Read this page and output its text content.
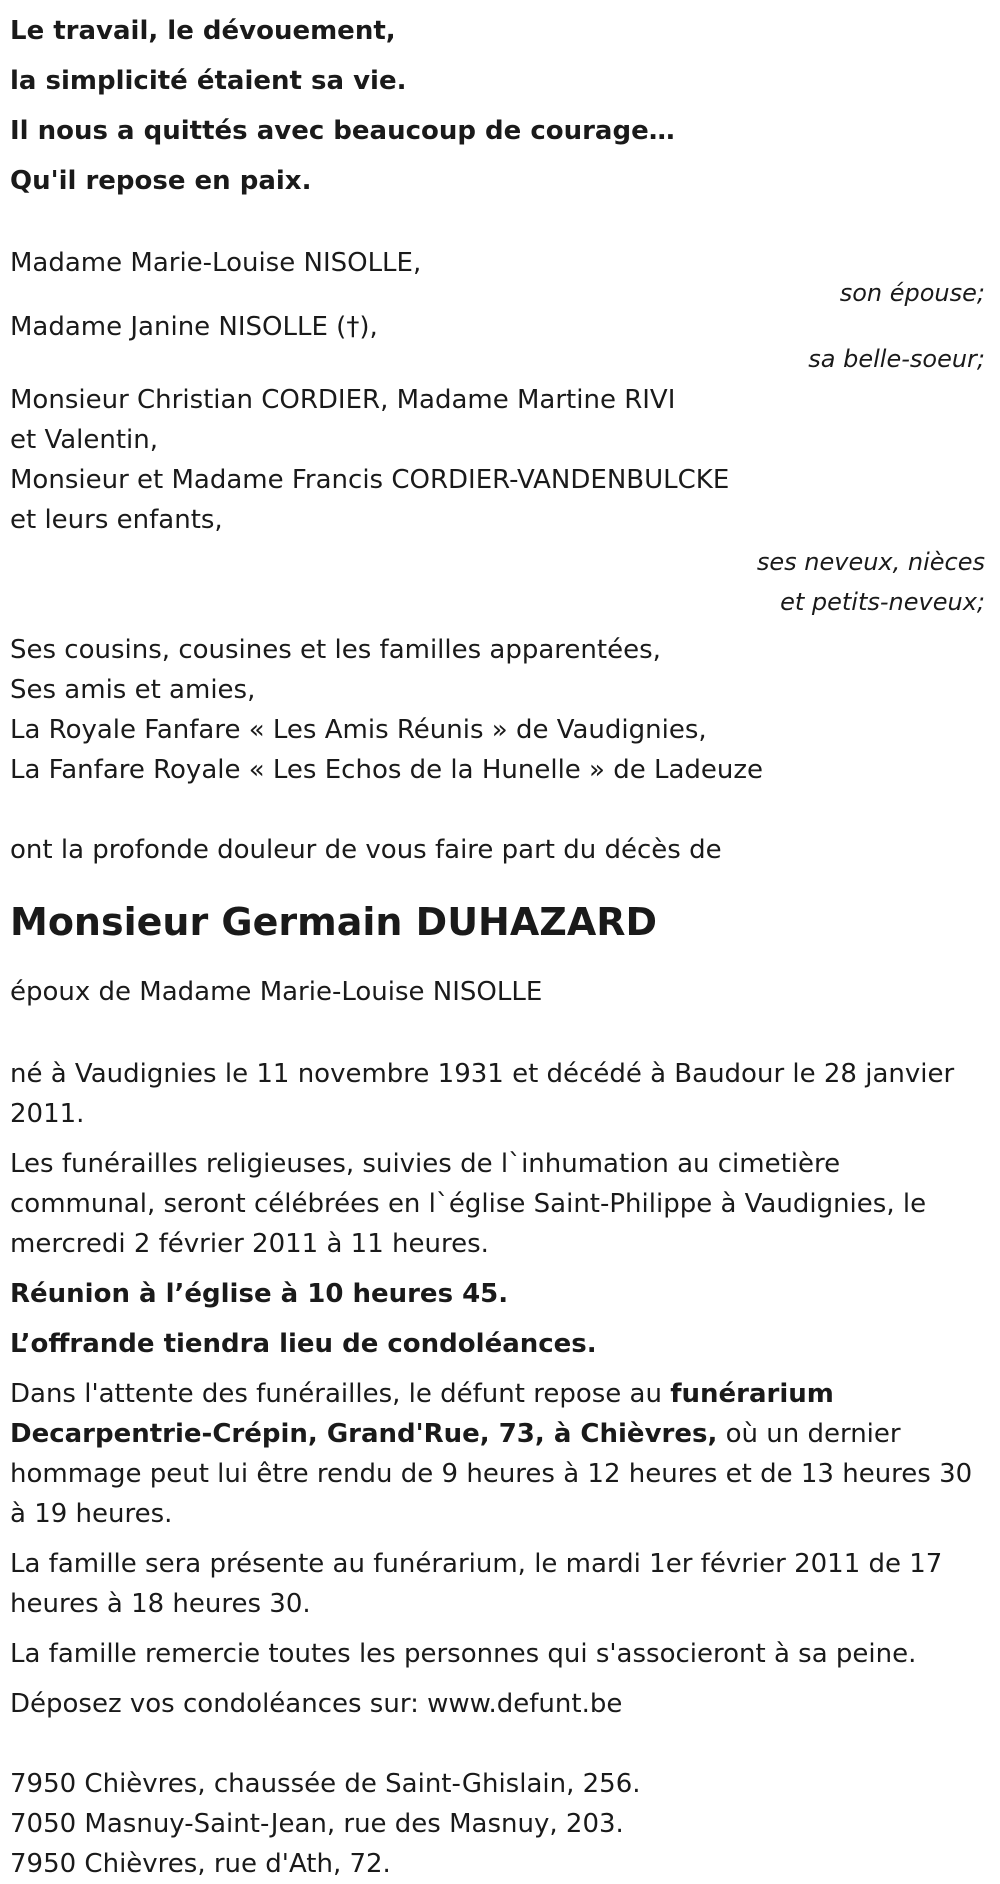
Le travail, le dévouement,

la simplicité étaient sa vie.

Il nous a quittés avec beaucoup de courage…

Qu'il repose en paix.

Madame Marie-Louise NISOLLE,

son épouse;

Madame Janine NISOLLE (†),

sa belle-soeur;

Monsieur Christian CORDIER, Madame Martine RIVI

et Valentin,

Monsieur et Madame Francis CORDIER-VANDENBULCKE

et leurs enfants,

ses neveux, nièces

et petits-neveux;

Ses cousins, cousines et les familles apparentées,

Ses amis et amies,

La Royale Fanfare « Les Amis Réunis » de Vaudignies,

La Fanfare Royale « Les Echos de la Hunelle » de Ladeuze

ont la profonde douleur de vous faire part du décès de

Monsieur Germain DUHAZARD

époux de Madame Marie-Louise NISOLLE

né à Vaudignies le 11 novembre 1931 et décédé à Baudour le 28 janvier 2011.

Les funérailles religieuses, suivies de l`inhumation au cimetière communal, seront célébrées en l`église Saint-Philippe à Vaudignies, le mercredi 2 février 2011 à 11 heures.

Réunion à l’église à 10 heures 45.

L’offrande tiendra lieu de condoléances.

Dans l'attente des funérailles, le défunt repose au funérarium Decarpentrie-Crépin, Grand'Rue, 73, à Chièvres, où un dernier hommage peut lui être rendu de 9 heures à 12 heures et de 13 heures 30 à 19 heures.

La famille sera présente au funérarium, le mardi 1er février 2011 de 17 heures à 18 heures 30.

La famille remercie toutes les personnes qui s'associeront à sa peine.

Déposez vos condoléances sur: www.defunt.be

7950 Chièvres, chaussée de Saint-Ghislain, 256.

7050 Masnuy-Saint-Jean, rue des Masnuy, 203.

7950 Chièvres, rue d'Ath, 72.
